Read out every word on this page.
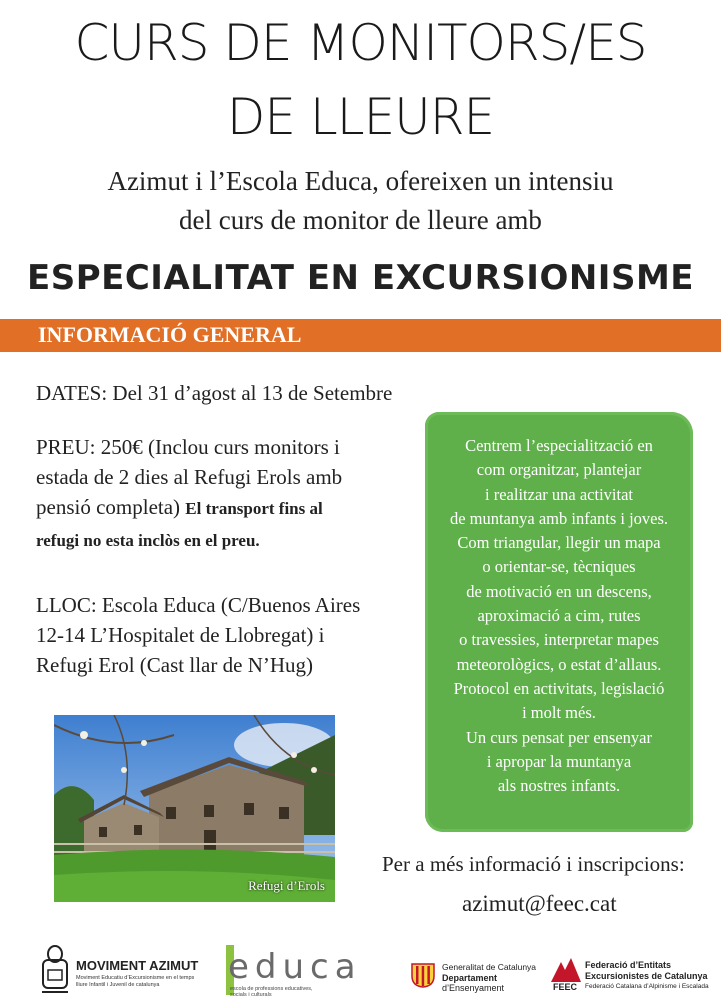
CURS DE MONITORS/ES
DE LLEURE
Azimut i l’Escola Educa, ofereixen un intensiu
del curs de monitor de lleure amb
ESPECIALITAT EN EXCURSIONISME
INFORMACIÓ GENERAL
DATES: Del 31 d’agost al 13 de Setembre
PREU: 250€ (Inclou curs monitors i
estada de 2 dies al Refugi Erols amb
pensió completa) El transport fins al
refugi no esta inclòs en el preu.
LLOC: Escola Educa (C/Buenos Aires
12-14 L’Hospitalet de Llobregat) i
Refugi Erol (Cast llar de N’Hug)
Centrem l’especialització en
com organitzar, plantejar
i realitzar una activitat
de muntanya amb infants i joves.
Com triangular, llegir un mapa
o orientar-se, tècniques
de motivació en un descens,
aproximació a cim, rutes
o travessies, interpretar mapes
meteorològics, o estat d’allaus.
Protocol en activitats, legislació
i molt més.
Un curs pensat per ensenyar
i apropar la muntanya
als nostres infants.
Refugi d’Erols
Per a més informació i inscripcions:
azimut@feec.cat
MOVIMENT AZIMUT
Moviment Educatiu d’Excursionisme en el temps
lliure Infantil i Juvenil de catalunya educa
escola de professions educatives,
socials i culturals
Generalitat de Catalunya
Departament
d’Ensenyament	FEEC
Federació d’Entitats
Excursionistes de Catalunya
Federació Catalana d’Alpinisme i Escalada
